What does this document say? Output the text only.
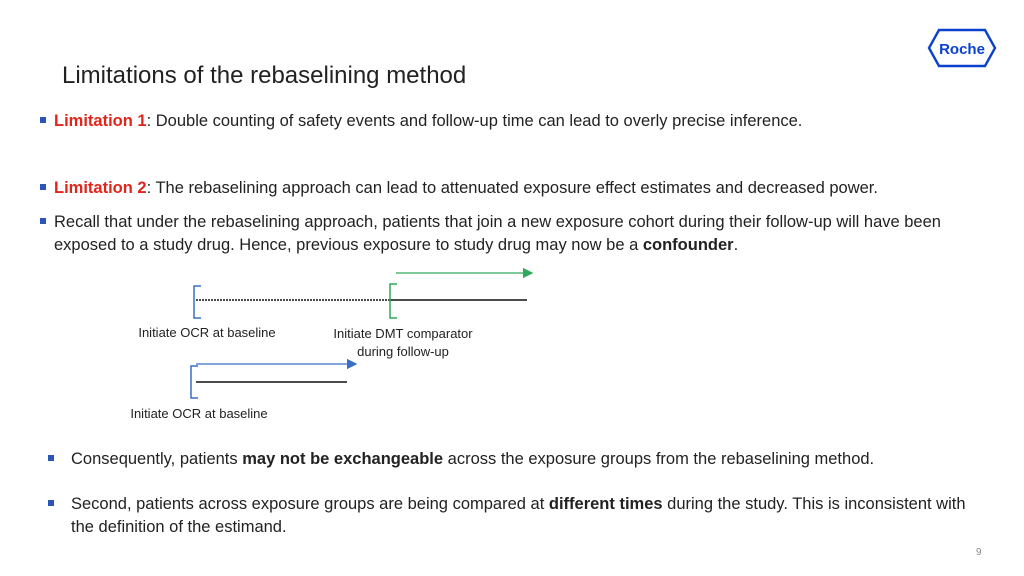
Limitations of the rebaselining method
Roche
Limitation 1: Double counting of safety events and follow-up time can lead to overly precise inference.
Limitation 2: The rebaselining approach can lead to attenuated exposure effect estimates and decreased power.
Recall that under the rebaselining approach, patients that join a new exposure cohort during their follow-up will have been exposed to a study drug. Hence, previous exposure to study drug may now be a confounder.
Initiate OCR at baseline	Initiate DMT comparator
during follow-up
Initiate OCR at baseline
Consequently, patients may not be exchangeable across the exposure groups from the rebaselining method.
Second, patients across exposure groups are being compared at different times during the study. This is inconsistent with the definition of the estimand.
9
